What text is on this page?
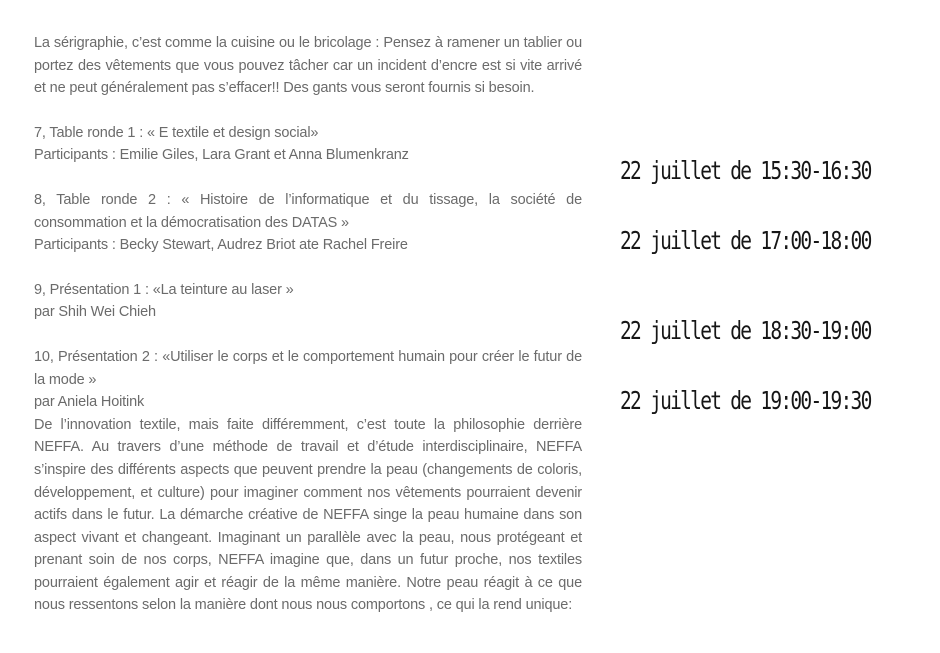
La sérigraphie, c’est comme la cuisine ou le bricolage : Pensez à ramener un tablier ou portez des vêtements que vous pouvez tâcher car un incident d’encre est si vite arrivé et ne peut généralement pas s’effacer!! Des gants vous seront fournis si besoin.

7, Table ronde 1 : « E textile et design social»
Participants : Emilie Giles, Lara Grant et Anna Blumenkranz

8, Table ronde 2 : « Histoire de l’informatique et du tissage, la société de consommation et la démocratisation des DATAS »
Participants : Becky Stewart, Audrez Briot ate Rachel Freire

9, Présentation 1 : «La teinture au laser »
par Shih Wei Chieh

10, Présentation 2 : «Utiliser le corps et le comportement humain pour créer le futur de la mode »
par Aniela Hoitink
De l’innovation textile, mais faite différemment, c’est toute la philosophie derrière NEFFA. Au travers d’une méthode de travail et d’étude interdisciplinaire, NEFFA s’inspire des différents aspects que peuvent prendre la peau (changements de coloris, développement, et culture) pour imaginer comment nos vêtements pourraient devenir actifs dans le futur. La démarche créative de NEFFA singe la peau humaine dans son aspect vivant et changeant. Imaginant un parallèle avec la peau, nous protégeant et prenant soin de nos corps, NEFFA imagine que, dans un futur proche, nos textiles pourraient également agir et réagir de la même manière. Notre peau réagit à ce que nous ressentons selon la manière dont nous nous comportons , ce qui la rend unique:

22 juillet de 15:30-16:30
22 juillet de 17:00-18:00
22 juillet de 18:30-19:00
22 juillet de 19:00-19:30
